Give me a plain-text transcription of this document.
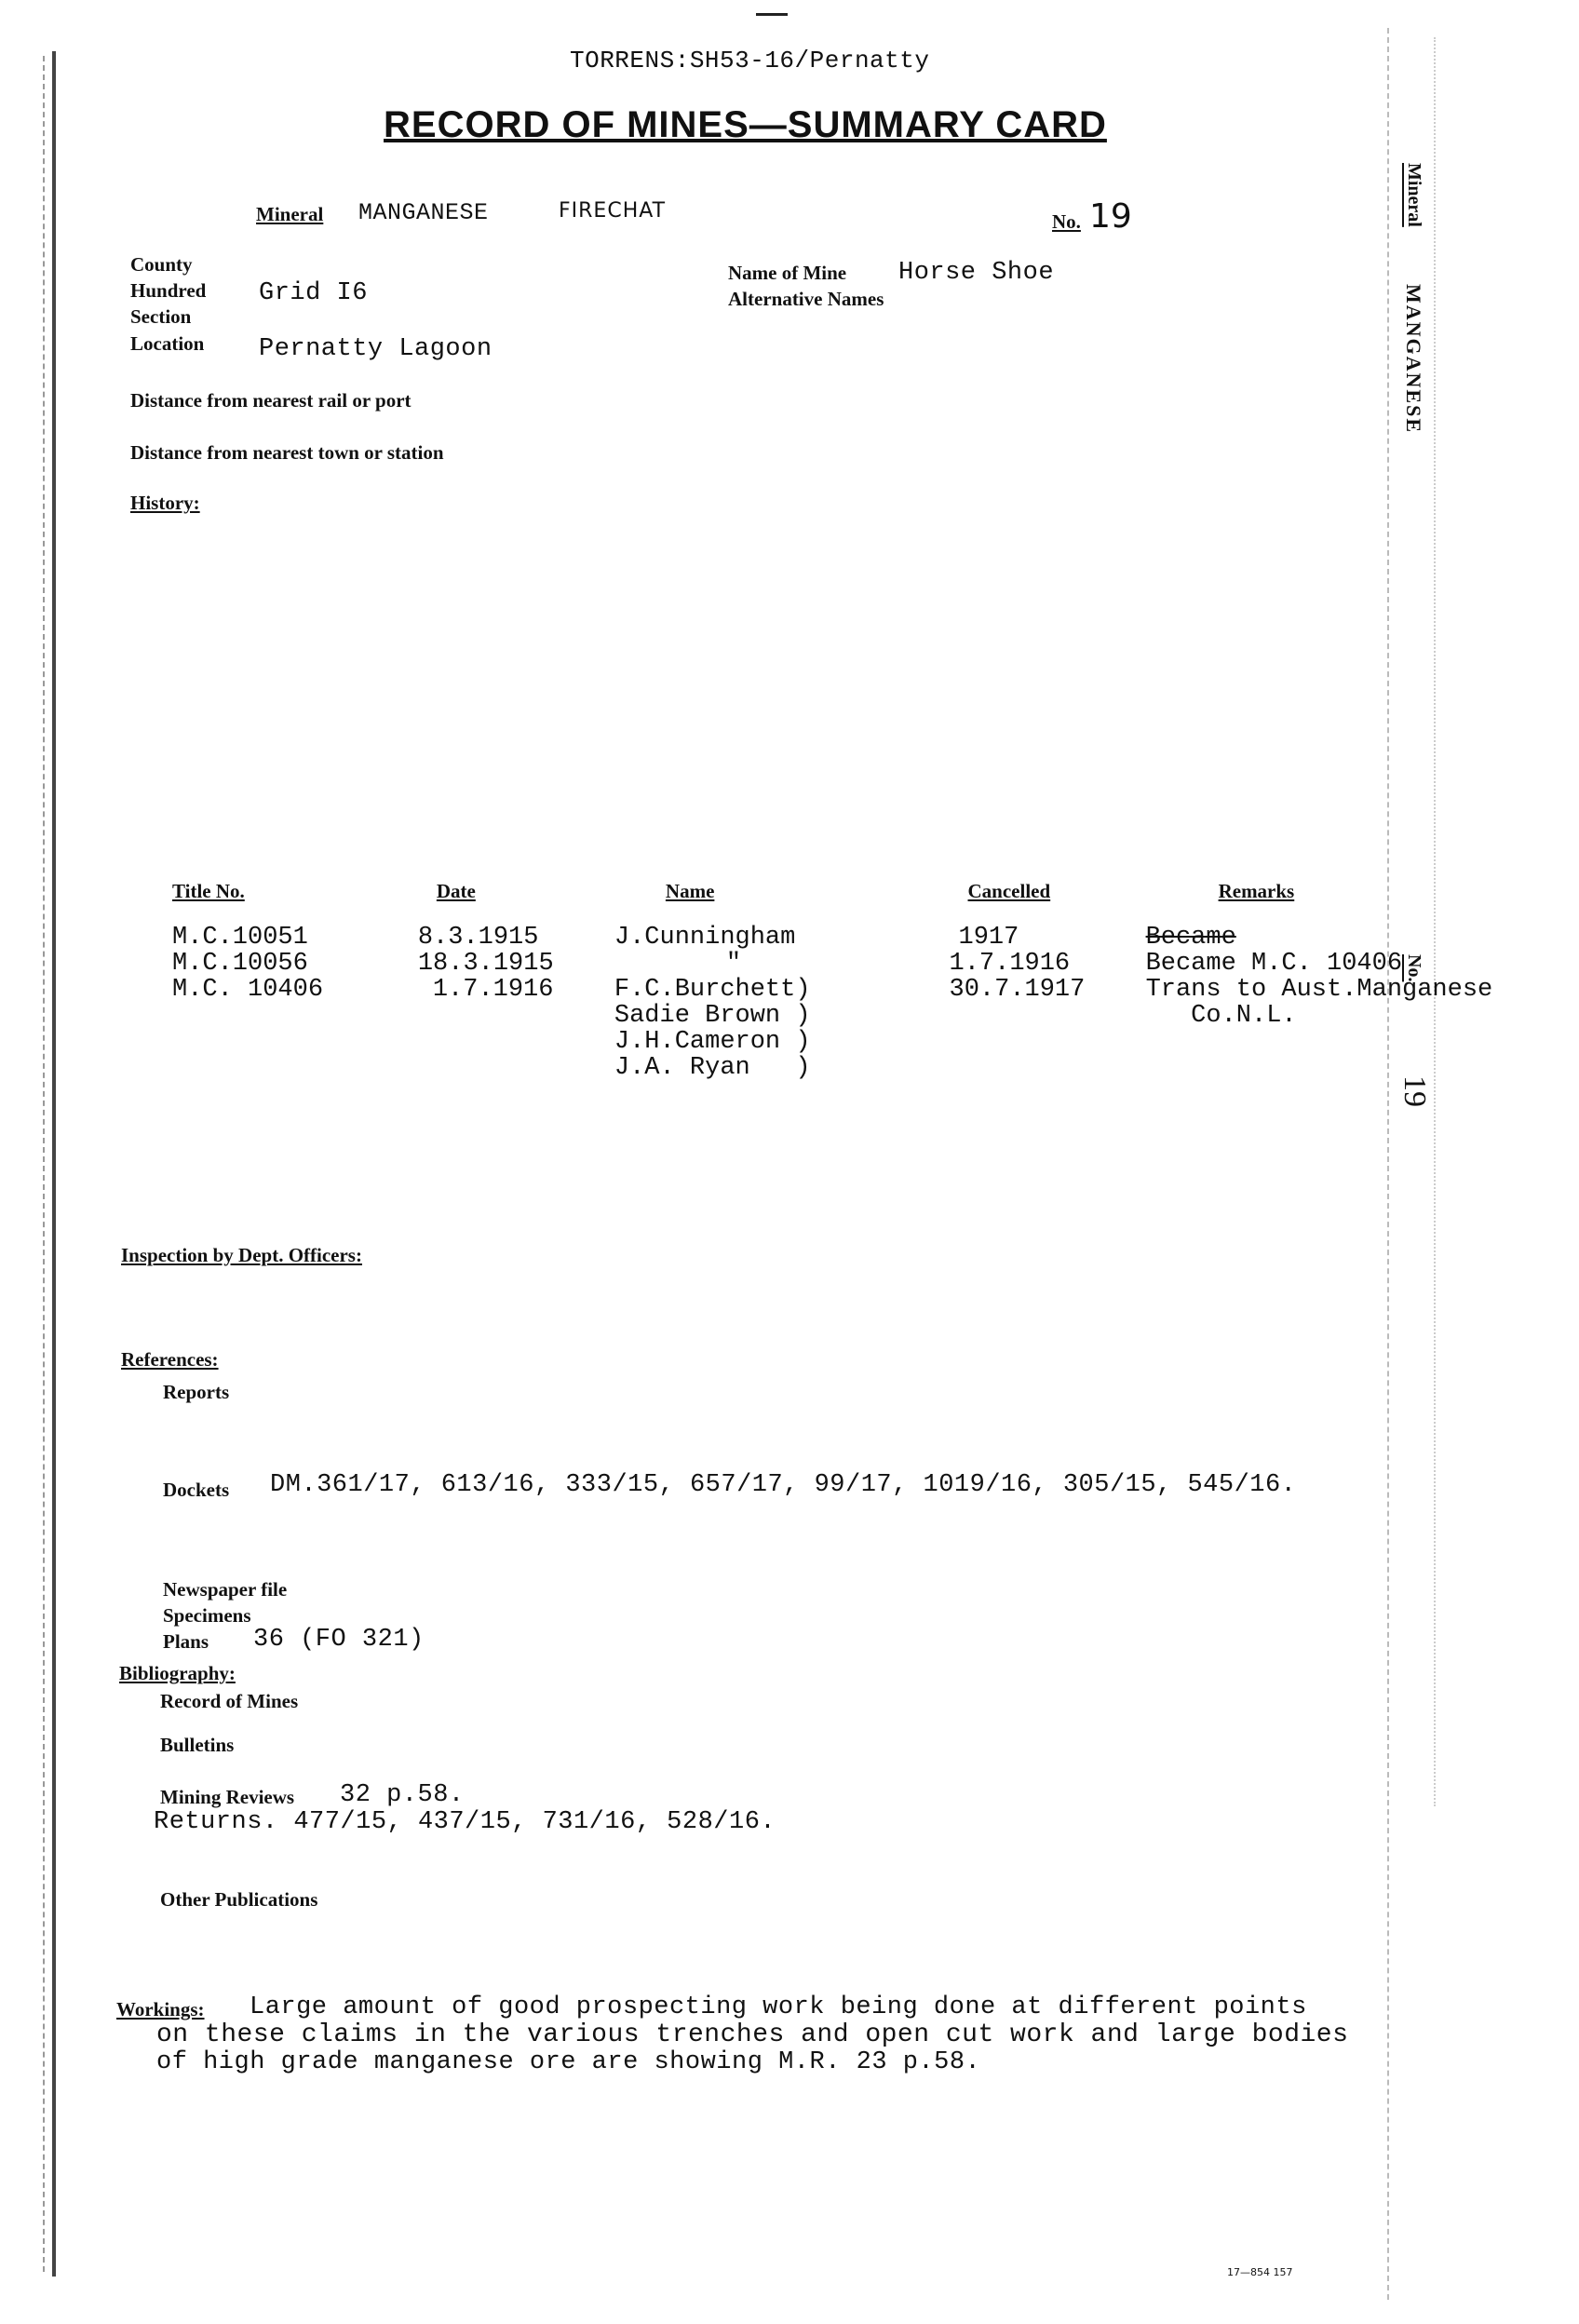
TORRENS:SH53-16/Pernatty
RECORD OF MINES—SUMMARY CARD
Mineral MANGANESE	FIRECHAT	No. 19
County
Hundred Grid I6
Section
Location Pernatty Lagoon
Name of Mine Horse Shoe
Alternative Names
Distance from nearest rail or port
Distance from nearest town or station
History:
Title No.	Date	Name	Cancelled	Remarks
M.C.10051	8.3.1915	J.Cunningham	1917	Became
M.C.10056	18.3.1915	"	1.7.1916	Became M.C. 10406
M.C. 10406	1.7.1916	F.C.Burchett)	30.7.1917	Trans to Aust.Manganese
		Sadie Brown )		Co.N.L.
		J.H.Cameron )		
		J.A. Ryan   )		
Inspection by Dept. Officers:
References:
Reports
Dockets DM.361/17, 613/16, 333/15, 657/17, 99/17, 1019/16, 305/15, 545/16.
Newspaper file
Specimens
Plans 36 (FO 321)
Bibliography:
Record of Mines
Bulletins
Mining Reviews 32 p.58.
Returns. 477/15, 437/15, 731/16, 528/16.
Other Publications
Workings: Large amount of good prospecting work being done at different points
on these claims in the various trenches and open cut work and large bodies
of high grade manganese ore are showing M.R. 23 p.58.
Mineral
MANGANESE
No.
19
17—854 157
